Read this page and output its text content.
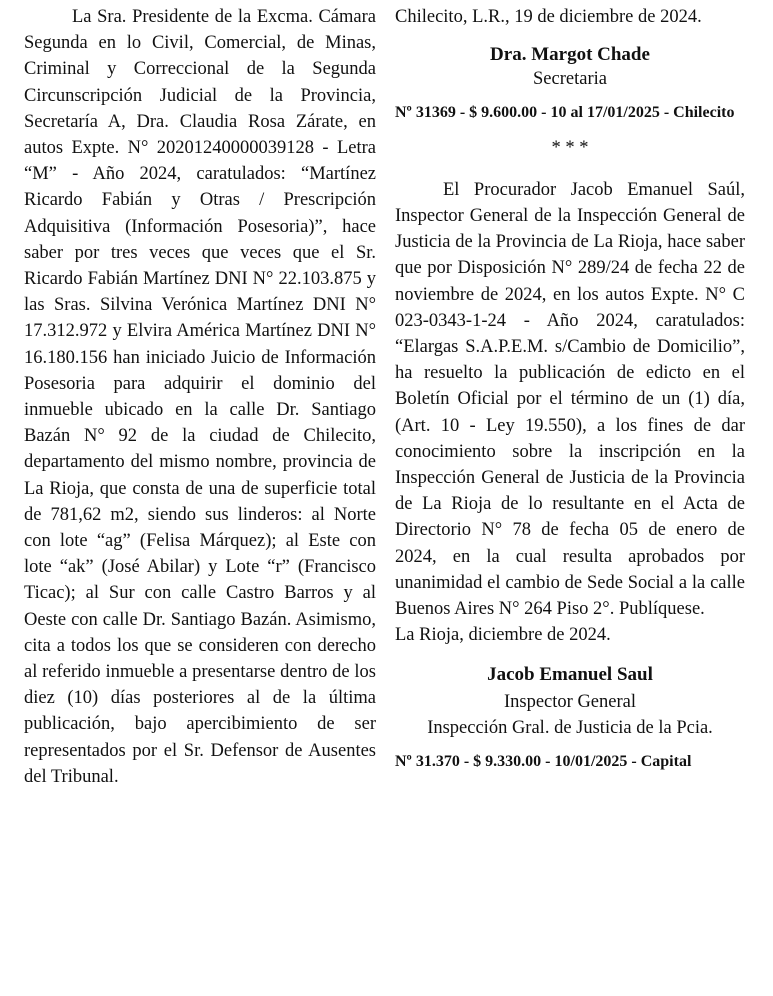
La Sra. Presidente de la Excma. Cámara Segunda en lo Civil, Comercial, de Minas, Criminal y Correccional de la Segunda Circunscripción Judicial de la Provincia, Secretaría A, Dra. Claudia Rosa Zárate, en autos Expte. N° 20201240000039128 - Letra “M” - Año 2024, caratulados: “Martínez Ricardo Fabián y Otras / Prescripción Adquisitiva (Información Posesoria)”, hace saber por tres veces que veces que el Sr. Ricardo Fabián Martínez DNI N° 22.103.875 y las Sras. Silvina Verónica Martínez DNI N° 17.312.972 y Elvira América Martínez DNI N° 16.180.156 han iniciado Juicio de Información Posesoria para adquirir el dominio del inmueble ubicado en la calle Dr. Santiago Bazán N° 92 de la ciudad de Chilecito, departamento del mismo nombre, provincia de La Rioja, que consta de una de superficie total de 781,62 m2, siendo sus linderos: al Norte con lote “ag” (Felisa Márquez); al Este con lote “ak” (José Abilar) y Lote “r” (Francisco Ticac); al Sur con calle Castro Barros y al Oeste con calle Dr. Santiago Bazán. Asimismo, cita a todos los que se consideren con derecho al referido inmueble a presentarse dentro de los diez (10) días posteriores al de la última publicación, bajo apercibimiento de ser representados por el Sr. Defensor de Ausentes del Tribunal.

Chilecito, L.R., 19 de diciembre de 2024.

Dra. Margot Chade

Secretaria

Nº 31369 - $ 9.600.00 - 10 al 17/01/2025 - Chilecito

* * *

El Procurador Jacob Emanuel Saúl, Inspector General de la Inspección General de Justicia de la Provincia de La Rioja, hace saber que por Disposición N° 289/24 de fecha 22 de noviembre de 2024, en los autos Expte. N° C 023-0343-1-24 - Año 2024, caratulados: “Elargas S.A.P.E.M. s/Cambio de Domicilio”, ha resuelto la publicación de edicto en el Boletín Oficial por el término de un (1) día, (Art. 10 - Ley 19.550), a los fines de dar conocimiento sobre la inscripción en la Inspección General de Justicia de la Provincia de La Rioja de lo resultante en el Acta de Directorio N° 78 de fecha 05 de enero de 2024, en la cual resulta aprobados por unanimidad el cambio de Sede Social a la calle Buenos Aires N° 264 Piso 2°. Publíquese.

La Rioja, diciembre de 2024.

Jacob Emanuel Saul

Inspector General

Inspección Gral. de Justicia de la Pcia.

Nº 31.370 - $ 9.330.00 - 10/01/2025 - Capital
